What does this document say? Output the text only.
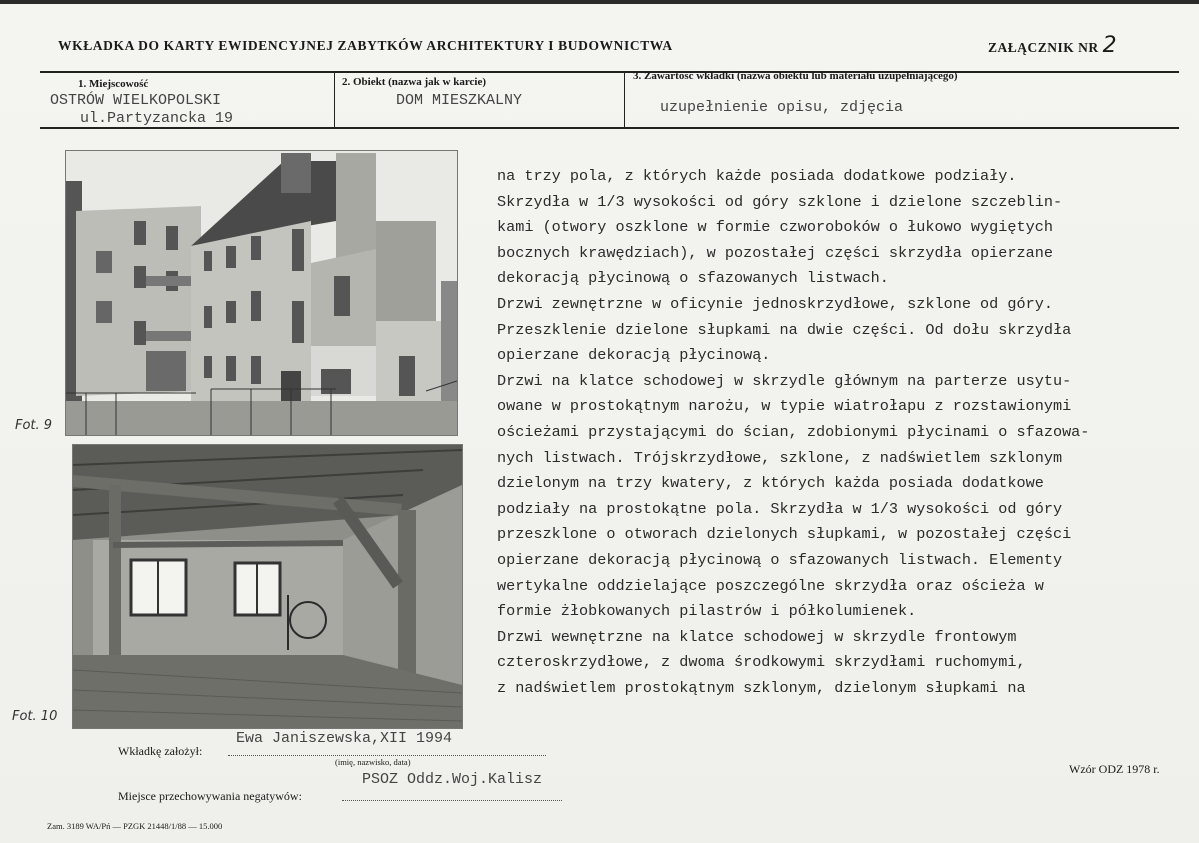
WKŁADKA DO KARTY EWIDENCYJNEJ ZABYTKÓW ARCHITEKTURY I BUDOWNICTWA	ZAŁĄCZNIK NR 2
1. Miejscowość
OSTRÓW WIELKOPOLSKI
ul.Partyzancka 19
2. Obiekt (nazwa jak w karcie)
DOM MIESZKALNY
3. Zawartość wkładki (nazwa obiektu lub materiału uzupełniającego)
uzupełnienie opisu, zdjęcia
Fot. 9
Fot. 10
na trzy pola, z których każde posiada dodatkowe podziały.
Skrzydła w 1/3 wysokości od góry szklone i dzielone szczeblin-
kami (otwory oszklone w formie czworoboków o łukowo wygiętych
bocznych krawędziach), w pozostałej części skrzydła opierzane
dekoracją płycinową o sfazowanych listwach.
Drzwi zewnętrzne w oficynie jednoskrzydłowe, szklone od góry.
Przeszklenie dzielone słupkami na dwie części. Od dołu skrzydła
opierzane dekoracją płycinową.
Drzwi na klatce schodowej w skrzydle głównym na parterze usytu-
owane w prostokątnym narożu, w typie wiatrołapu z rozstawionymi
ościeżami przystającymi do ścian, zdobionymi płycinami o sfazowa-
nych listwach. Trójskrzydłowe, szklone, z nadświetlem szklonym
dzielonym na trzy kwatery, z których każda posiada dodatkowe
podziały na prostokątne pola. Skrzydła w 1/3 wysokości od góry
przeszklone o otworach dzielonych słupkami, w pozostałej części
opierzane dekoracją płycinową o sfazowanych listwach. Elementy
wertykalne oddzielające poszczególne skrzydła oraz ościeża w
formie żłobkowanych pilastrów i półkolumienek.
Drzwi wewnętrzne na klatce schodowej w skrzydle frontowym
czteroskrzydłowe, z dwoma środkowymi skrzydłami ruchomymi,
z nadświetlem prostokątnym szklonym, dzielonym słupkami na
Wkładkę założył:
Ewa Janiszewska,XII 1994
(imię, nazwisko, data)
PSOZ Oddz.Woj.Kalisz
Miejsce przechowywania negatywów:
Wzór ODZ 1978 r.
Zam. 3189 WA/Pń — PZGK 21448/1/88 — 15.000
